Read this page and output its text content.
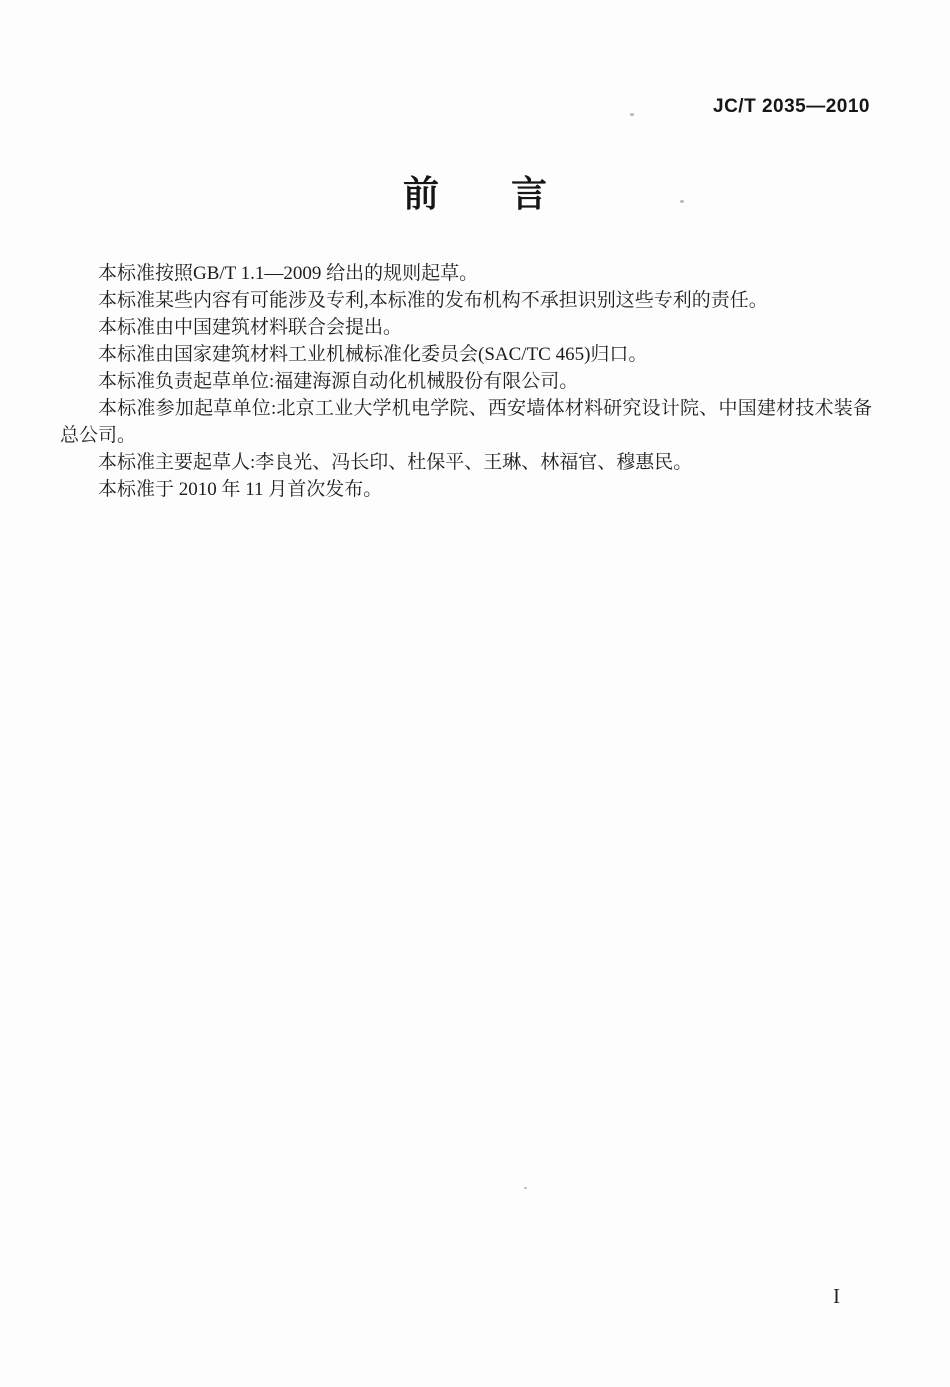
JC/T 2035—2010
前　　言

本标准按照GB/T 1.1—2009 给出的规则起草。

本标准某些内容有可能涉及专利,本标准的发布机构不承担识别这些专利的责任。

本标准由中国建筑材料联合会提出。

本标准由国家建筑材料工业机械标准化委员会(SAC/TC 465)归口。

本标准负责起草单位:福建海源自动化机械股份有限公司。

本标准参加起草单位:北京工业大学机电学院、西安墙体材料研究设计院、中国建材技术装备总公司。

本标准主要起草人:李良光、冯长印、杜保平、王琳、林福官、穆惠民。

本标准于 2010 年 11 月首次发布。

I
